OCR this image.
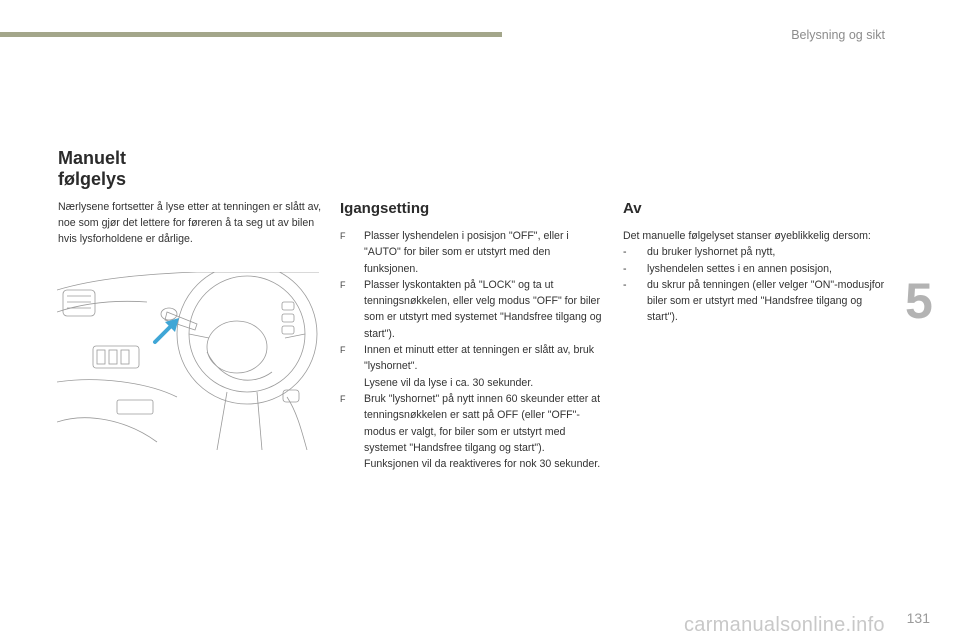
Belysning og sikt
5
Manuelt
følgelys
Nærlysene fortsetter å lyse etter at tenningen er slått av, noe som gjør det lettere for føreren å ta seg ut av bilen hvis lysforholdene er dårlige.
Igangsetting
F Plasser lyshendelen i posisjon "OFF", eller i "AUTO" for biler som er utstyrt med den funksjonen.
F Plasser lyskontakten på "LOCK" og ta ut tenningsnøkkelen, eller velg modus "OFF" for biler som er utstyrt med systemet "Handsfree tilgang og start").
F Innen et minutt etter at tenningen er slått av, bruk "lyshornet".
Lysene vil da lyse i ca. 30 sekunder.
F Bruk "lyshornet" på nytt innen 60 skeunder etter at tenningsnøkkelen er satt på OFF (eller "OFF"-modus er valgt, for biler som er utstyrt med systemet "Handsfree tilgang og start"). Funksjonen vil da reaktiveres for nok 30 sekunder.
Av
Det manuelle følgelyset stanser øyeblikkelig dersom:
- du bruker lyshornet på nytt,
- lyshendelen settes i en annen posisjon,
- du skrur på tenningen (eller velger "ON"-modusjfor biler som er utstyrt med "Handsfree tilgang og start").
carmanualsonline.info 131
